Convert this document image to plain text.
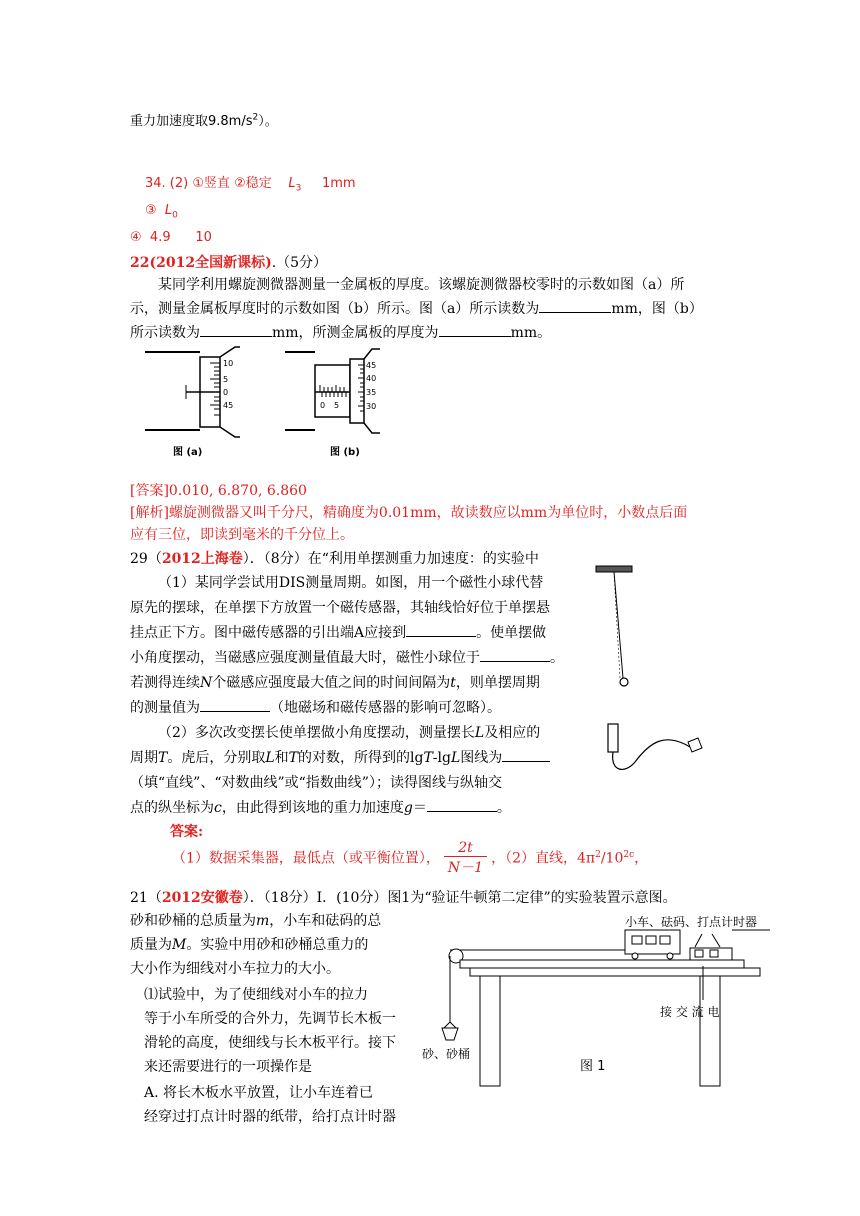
重力加速度取$9.8m/s^2$）。
34. (2) ①竖直 ②稳定 $L_3$ 1mm
③ $L_0$
④  4.9      10
22(2012全国新课标).（5分）
某同学利用螺旋测微器测量一金属板的厚度。该螺旋测微器校零时的示数如图（a）所
示，测量金属板厚度时的示数如图（b）所示。图（a）所示读数为	mm，图（b）
所示读数为	mm，所测金属板的厚度为	mm。
10
5
0
45
图 (a)
45
40
35
30
0 5
图 (b)
[答案]0.010, 6.870, 6.860
[解析]螺旋测微器又叫千分尺，精确度为0.01mm，故读数应以mm为单位时，小数点后面
应有三位，即读到毫米的千分位上。
29（2012上海卷）．（8分）在“利用单摆测重力加速度：的实验中
（1）某同学尝试用DIS测量周期。如图，用一个磁性小球代替
原先的摆球，在单摆下方放置一个磁传感器，其轴线恰好位于单摆悬
挂点正下方。图中磁传感器的引出端A应接到	。使单摆做
小角度摆动，当磁感应强度测量值最大时，磁性小球位于	。
若测得连续N个磁感应强度最大值之间的时间间隔为t，则单摆周期
的测量值为	（地磁场和磁传感器的影响可忽略）。
（2）多次改变摆长使单摆做小角度摆动，测量摆长L及相应的
周期T。虎后，分别取L和T的对数，所得到的lgT-lgL图线为
（填“直线”、“对数曲线”或“指数曲线”）；读得图线与纵轴交
点的纵坐标为c，由此得到该地的重力加速度g＝	。
答案:
（1）数据采集器，最低点（或平衡位置）， $\frac{2t}{N-1}$ ，（2）直线，$4\pi^2/10^{2c}$，
21（2012安徽卷）．（18分）Ⅰ．(10分）图1为“验证牛顿第二定律”的实验装置示意图。
砂和砂桶的总质量为m，小车和砝码的总
质量为M。实验中用砂和砂桶总重力的
大小作为细线对小车拉力的大小。
⑴试验中，为了使细线对小车的拉力
等于小车所受的合外力，先调节长木板一
滑轮的高度，使细线与长木板平行。接下
来还需要进行的一项操作是
A. 将长木板水平放置，让小车连着已
经穿过打点计时器的纸带，给打点计时器
小车、砝码、打点计时器
接 交 流 电
砂、砂桶
图 1
